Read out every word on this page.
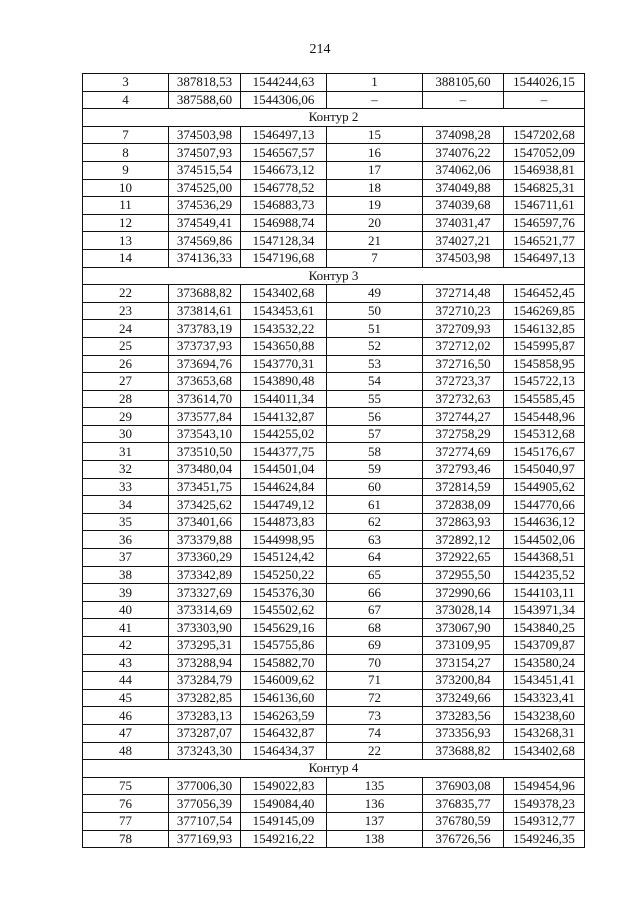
214
3	387818,53	1544244,63	1	388105,60	1544026,15
4	387588,60	1544306,06	–	–	–
Контур 2					
7	374503,98	1546497,13	15	374098,28	1547202,68
8	374507,93	1546567,57	16	374076,22	1547052,09
9	374515,54	1546673,12	17	374062,06	1546938,81
10	374525,00	1546778,52	18	374049,88	1546825,31
11	374536,29	1546883,73	19	374039,68	1546711,61
12	374549,41	1546988,74	20	374031,47	1546597,76
13	374569,86	1547128,34	21	374027,21	1546521,77
14	374136,33	1547196,68	7	374503,98	1546497,13
Контур 3					
22	373688,82	1543402,68	49	372714,48	1546452,45
23	373814,61	1543453,61	50	372710,23	1546269,85
24	373783,19	1543532,22	51	372709,93	1546132,85
25	373737,93	1543650,88	52	372712,02	1545995,87
26	373694,76	1543770,31	53	372716,50	1545858,95
27	373653,68	1543890,48	54	372723,37	1545722,13
28	373614,70	1544011,34	55	372732,63	1545585,45
29	373577,84	1544132,87	56	372744,27	1545448,96
30	373543,10	1544255,02	57	372758,29	1545312,68
31	373510,50	1544377,75	58	372774,69	1545176,67
32	373480,04	1544501,04	59	372793,46	1545040,97
33	373451,75	1544624,84	60	372814,59	1544905,62
34	373425,62	1544749,12	61	372838,09	1544770,66
35	373401,66	1544873,83	62	372863,93	1544636,12
36	373379,88	1544998,95	63	372892,12	1544502,06
37	373360,29	1545124,42	64	372922,65	1544368,51
38	373342,89	1545250,22	65	372955,50	1544235,52
39	373327,69	1545376,30	66	372990,66	1544103,11
40	373314,69	1545502,62	67	373028,14	1543971,34
41	373303,90	1545629,16	68	373067,90	1543840,25
42	373295,31	1545755,86	69	373109,95	1543709,87
43	373288,94	1545882,70	70	373154,27	1543580,24
44	373284,79	1546009,62	71	373200,84	1543451,41
45	373282,85	1546136,60	72	373249,66	1543323,41
46	373283,13	1546263,59	73	373283,56	1543238,60
47	373287,07	1546432,87	74	373356,93	1543268,31
48	373243,30	1546434,37	22	373688,82	1543402,68
Контур 4					
75	377006,30	1549022,83	135	376903,08	1549454,96
76	377056,39	1549084,40	136	376835,77	1549378,23
77	377107,54	1549145,09	137	376780,59	1549312,77
78	377169,93	1549216,22	138	376726,56	1549246,35
